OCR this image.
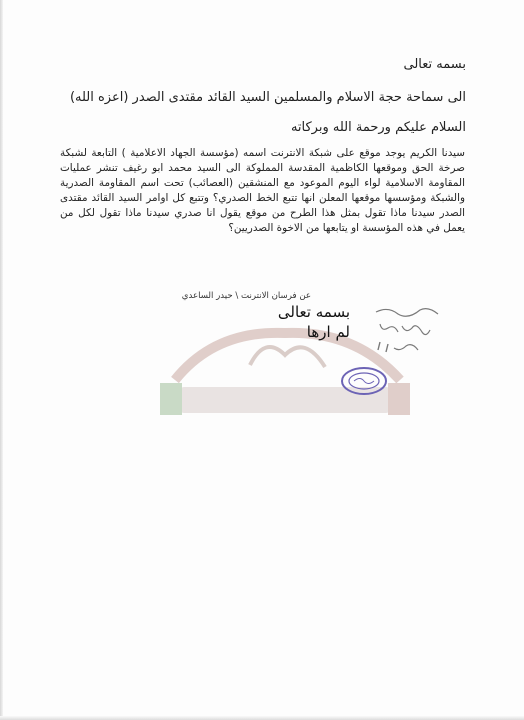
بسمه تعالى
الى سماحة حجة الاسلام والمسلمين السيد القائد مقتدى الصدر (اعزه الله)
السلام عليكم ورحمة الله وبركاته

سيدنا الكريم يوجد موقع على شبكة الانترنت اسمه (مؤسسة الجهاد الاعلامية ) التابعة لشبكة صرخة الحق وموقعها الكاظمية المقدسة المملوكة الى السيد محمد ابو رغيف تنشر عمليات المقاومة الاسلامية لواء اليوم الموعود مع المنشقين (العصائب) تحت اسم المقاومة الصدرية والشبكة ومؤسسها موقعها المعلن انها تتبع الخط الصدري؟ وتتبع كل اوامر السيد القائد مقتدى الصدر سيدنا ماذا تقول بمثل هذا الطرح من موقع يقول انا صدري سيدنا ماذا تقول لكل من يعمل في هذه المؤسسة او يتابعها من الاخوة الصدريين؟

عن فرسان الانترنت \ حيدر الساعدي
بسمه تعالى
لم ارها
